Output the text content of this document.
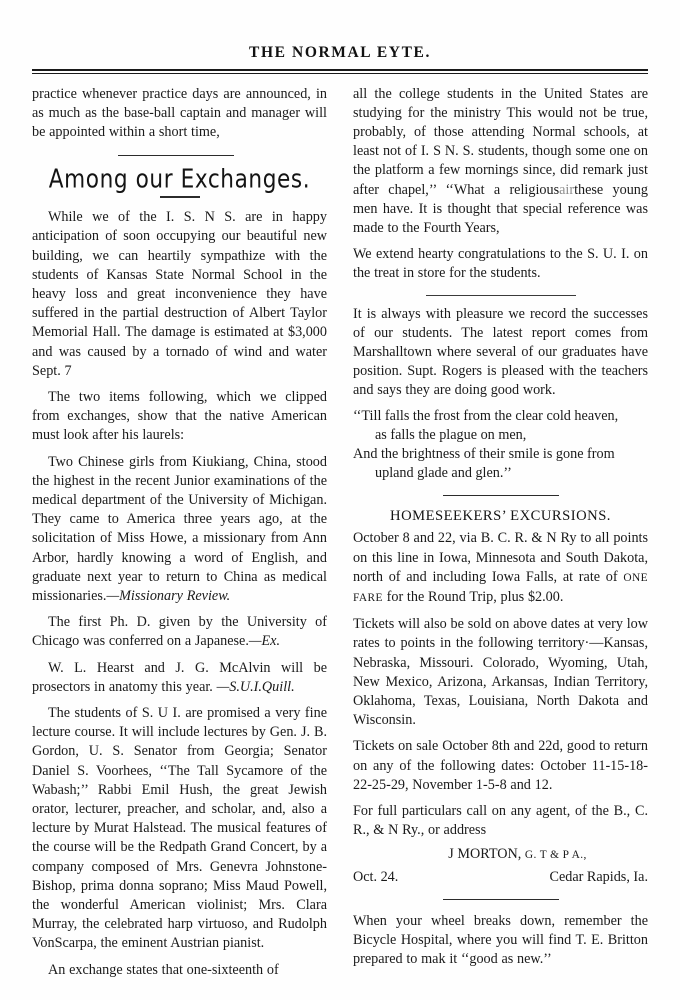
THE NORMAL EYTE.

practice whenever practice days are announced, in as much as the base-ball captain and manager will be appointed within a short time,

Among our Exchanges.

While we of the I. S. N S. are in happy anticipation of soon occupying our beautiful new building, we can heartily sympathize with the students of Kansas State Normal School in the heavy loss and great inconvenience they have suffered in the partial destruction of Albert Taylor Memorial Hall. The damage is estimated at $3,000 and was caused by a tornado of wind and water Sept. 7

The two items following, which we clipped from exchanges, show that the native American must look after his laurels:

Two Chinese girls from Kiukiang, China, stood the highest in the recent Junior examinations of the medical department of the University of Michigan. They came to America three years ago, at the solicitation of Miss Howe, a missionary from Ann Arbor, hardly knowing a word of English, and graduate next year to return to China as medical missionaries.—Missionary Review.

The first Ph. D. given by the University of Chicago was conferred on a Japanese.—Ex.

W. L. Hearst and J. G. McAlvin will be prosectors in anatomy this year. —S.U.I.Quill.

The students of S. U I. are promised a very fine lecture course. It will include lectures by Gen. J. B. Gordon, U. S. Senator from Georgia; Senator Daniel S. Voorhees, ‘‘The Tall Sycamore of the Wabash;’’ Rabbi Emil Hush, the great Jewish orator, lecturer, preacher, and scholar, and, also a lecture by Murat Halstead. The musical features of the course will be the Redpath Grand Concert, by a company composed of Mrs. Genevra Johnstone-Bishop, prima donna soprano; Miss Maud Powell, the wonderful American violinist; Mrs. Clara Murray, the celebrated harp virtuoso, and Rudolph VonScarpa, the eminent Austrian pianist.

An exchange states that one-sixteenth of

all the college students in the United States are studying for the ministry This would not be true, probably, of those attending Normal schools, at least not of I. S N. S. students, though some one on the platform a few mornings since, did remark just after chapel,’’ ‘‘What a religiousairthese young men have. It is thought that special reference was made to the Fourth Years,

We extend hearty congratulations to the S. U. I. on the treat in store for the students.

It is always with pleasure we record the successes of our students. The latest report comes from Marshalltown where several of our graduates have position. Supt. Rogers is pleased with the teachers and says they are doing good work.

‘‘Till falls the frost from the clear cold heaven,
as falls the plague on men,
And the brightness of their smile is gone from
upland glade and glen.’’
HOMESEEKERS’ EXCURSIONS.

October 8 and 22, via B. C. R. & N Ry to all points on this line in Iowa, Minnesota and South Dakota, north of and including Iowa Falls, at rate of ONE FARE for the Round Trip, plus $2.00.

Tickets will also be sold on above dates at very low rates to points in the following territory·—Kansas, Nebraska, Missouri. Colorado, Wyoming, Utah, New Mexico, Arizona, Arkansas, Indian Territory, Oklahoma, Texas, Louisiana, North Dakota and Wisconsin.

Tickets on sale October 8th and 22d, good to return on any of the following dates: October 11-15-18-22-25-29, November 1-5-8 and 12.

For full particulars call on any agent, of the B., C. R., & N Ry., or address

J MORTON, G. T & P A.,
Oct. 24.	Cedar Rapids, Ia.

When your wheel breaks down, remember the Bicycle Hospital, where you will find T. E. Britton prepared to mak it ‘‘good as new.’’
